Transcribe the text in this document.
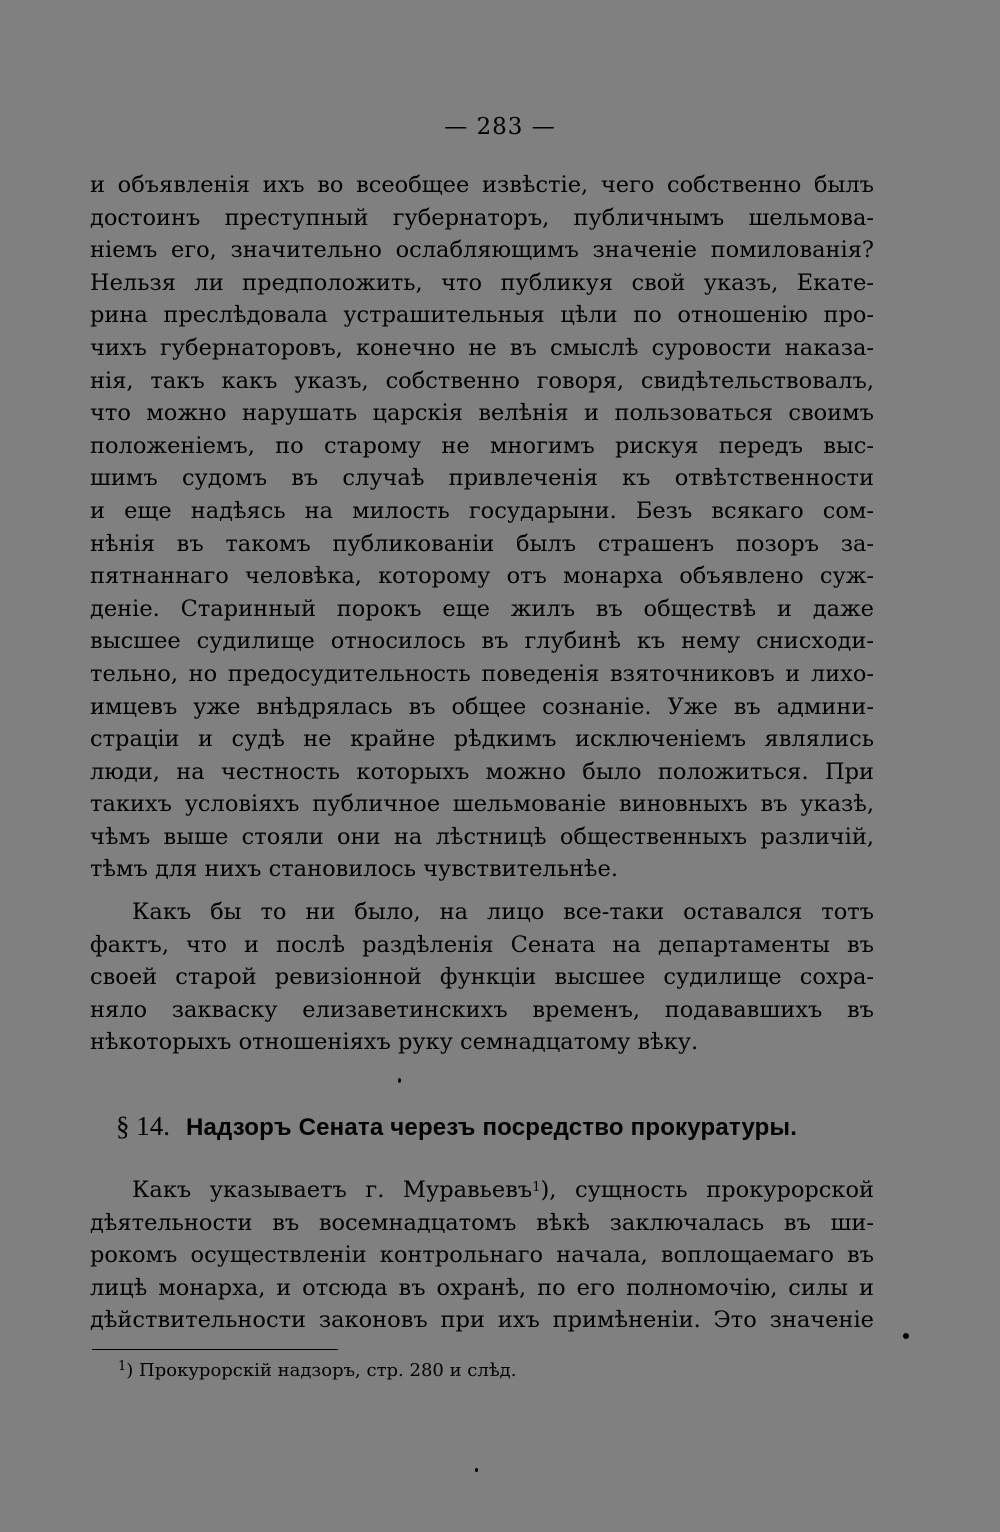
— 283 —
и объявленія ихъ во всеобщее извѣстіе, чего собственно былъ
достоинъ преступный губернаторъ, публичнымъ шельмова-
ніемъ его, значительно ослабляющимъ значеніе помилованія?
Нельзя ли предположить, что публикуя свой указъ, Екате-
рина преслѣдовала устрашительныя цѣли по отношенію про-
чихъ губернаторовъ, конечно не въ смыслѣ суровости наказа-
нія, такъ какъ указъ, собственно говоря, свидѣтельствовалъ,
что можно нарушать царскія велѣнія и пользоваться своимъ
положеніемъ, по старому не многимъ рискуя передъ выс-
шимъ судомъ въ случаѣ привлеченія къ отвѣтственности
и еще надѣясь на милость государыни. Безъ всякаго сом-
нѣнія въ такомъ публикованіи былъ страшенъ позоръ за-
пятнаннаго человѣка, которому отъ монарха объявлено суж-
деніе. Старинный порокъ еще жилъ въ обществѣ и даже
высшее судилище относилось въ глубинѣ къ нему снисходи-
тельно, но предосудительность поведенія взяточниковъ и лихо-
имцевъ уже внѣдрялась въ общее сознаніе. Уже въ админи-
страціи и судѣ не крайне рѣдкимъ исключеніемъ являлись
люди, на честность которыхъ можно было положиться. При
такихъ условіяхъ публичное шельмованіе виновныхъ въ указѣ,
чѣмъ выше стояли они на лѣстницѣ общественныхъ различій,
тѣмъ для нихъ становилось чувствительнѣе.
Какъ бы то ни было, на лицо все-таки оставался тотъ
фактъ, что и послѣ раздѣленія Сената на департаменты въ
своей старой ревизіонной функціи высшее судилище сохра-
няло закваску елизаветинскихъ временъ, подававшихъ въ
нѣкоторыхъ отношеніяхъ руку семнадцатому вѣку.
§ 14. Надзоръ Сената черезъ посредство прокуратуры.
Какъ указываетъ г. Муравьевъ$^1$), сущность прокурорской
дѣятельности въ восемнадцатомъ вѣкѣ заключалась въ ши-
рокомъ осуществленіи контрольнаго начала, воплощаемаго въ
лицѣ монарха, и отсюда въ охранѣ, по его полномочію, силы и
дѣйствительности законовъ при ихъ примѣненіи. Это значеніе
$^1$) Прокурорскій надзоръ, стр. 280 и слѣд.
